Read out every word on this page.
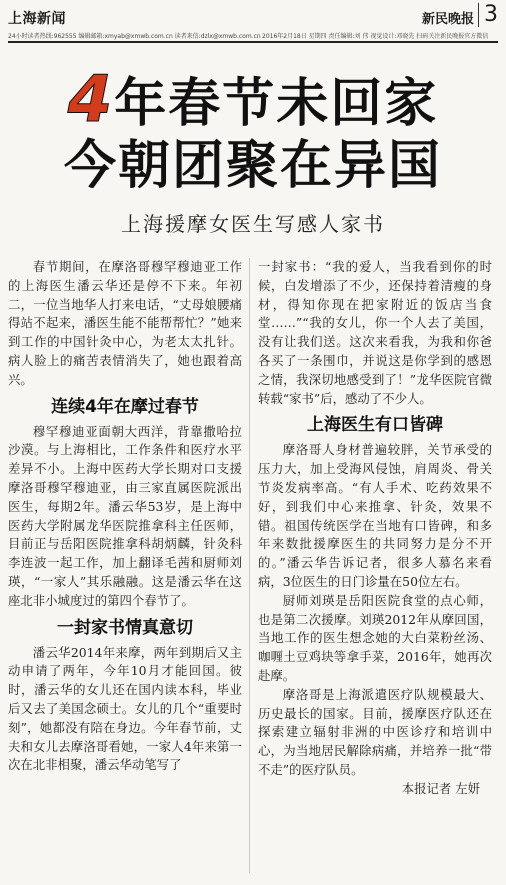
上海新闻	新民晚报 3
24小时读者热线:962555 编辑邮箱:xmyab@xmwb.com.cn 读者来信:dzlx@xmwb.com.cn 2016年2月18日 星期四 责任编辑:刘 伟 视觉设计:邓晓先 扫码关注新民晚报官方微信
4年春节未回家
今朝团聚在异国
上海援摩女医生写感人家书

春节期间，在摩洛哥穆罕穆迪亚工作的上海医生潘云华还是停不下来。年初二，一位当地华人打来电话，“丈母娘腰痛得站不起来，潘医生能不能帮帮忙？”她来到工作的中国针灸中心，为老太太扎针。病人脸上的痛苦表情消失了，她也跟着高兴。

连续4年在摩过春节

穆罕穆迪亚面朝大西洋，背靠撒哈拉沙漠。与上海相比，工作条件和医疗水平差异不小。上海中医药大学长期对口支援摩洛哥穆罕穆迪亚，由三家直属医院派出医生，每期2年。潘云华53岁，是上海中医药大学附属龙华医院推拿科主任医师，目前正与岳阳医院推拿科胡炳麟，针灸科李连波一起工作，加上翻译毛茜和厨师刘瑛，“一家人”其乐融融。这是潘云华在这座北非小城度过的第四个春节了。

一封家书情真意切

潘云华2014年来摩，两年到期后又主动申请了两年，今年10月才能回国。彼时，潘云华的女儿还在国内读本科，毕业后又去了美国念硕士。女儿的几个“重要时刻”，她都没有陪在身边。今年春节前，丈夫和女儿去摩洛哥看她，一家人4年来第一次在北非相聚，潘云华动笔写了

一封家书：“我的爱人，当我看到你的时候，白发增添了不少，还保持着清瘦的身材，得知你现在把家附近的饭店当食堂……”“我的女儿，你一个人去了美国，没有让我们送。这次来看我，为我和你爸各买了一条围巾，并说这是你学到的感恩之情，我深切地感受到了！”龙华医院官微转载“家书”后，感动了不少人。

上海医生有口皆碑

摩洛哥人身材普遍较胖，关节承受的压力大，加上受海风侵蚀，肩周炎、骨关节炎发病率高。“有人手术、吃药效果不好，到我们中心来推拿、针灸，效果不错。祖国传统医学在当地有口皆碑，和多年来数批援摩医生的共同努力是分不开的。”潘云华告诉记者，很多人慕名来看病，3位医生的日门诊量在50位左右。

厨师刘瑛是岳阳医院食堂的点心师，也是第二次援摩。刘瑛2012年从摩回国，当地工作的医生想念她的大白菜粉丝汤、咖喱土豆鸡块等拿手菜，2016年，她再次赴摩。

摩洛哥是上海派遣医疗队规模最大、历史最长的国家。目前，援摩医疗队还在探索建立辐射非洲的中医诊疗和培训中心，为当地居民解除病痛，并培养一批“带不走”的医疗队员。

本报记者 左妍
